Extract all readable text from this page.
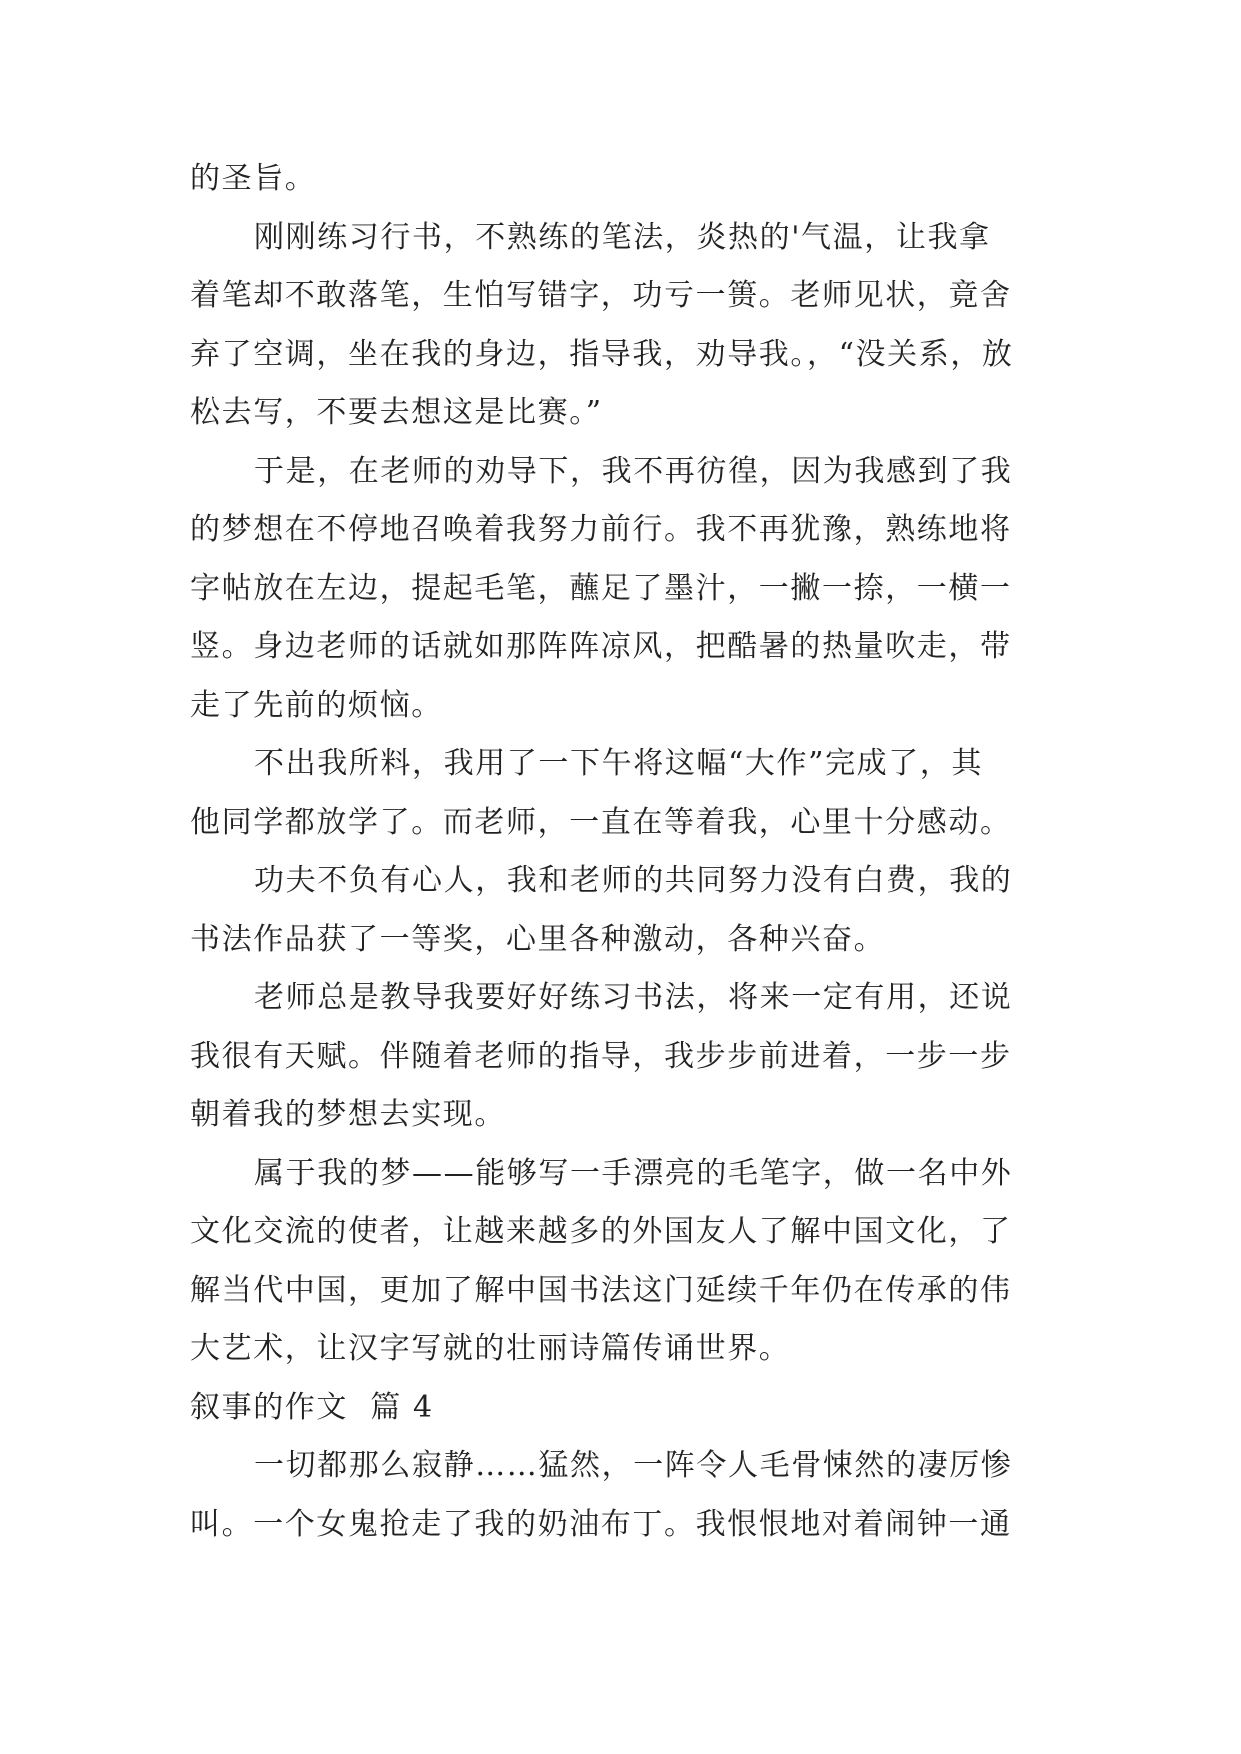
的圣旨。
刚刚练习行书，不熟练的笔法，炎热的'气温，让我拿
着笔却不敢落笔，生怕写错字，功亏一篑。老师见状，竟舍
弃了空调，坐在我的身边，指导我，劝导我。，“没关系，放
松去写，不要去想这是比赛。”
于是，在老师的劝导下，我不再彷徨，因为我感到了我
的梦想在不停地召唤着我努力前行。我不再犹豫，熟练地将
字帖放在左边，提起毛笔，蘸足了墨汁，一撇一捺，一横一
竖。身边老师的话就如那阵阵凉风，把酷暑的热量吹走，带
走了先前的烦恼。
不出我所料，我用了一下午将这幅“大作”完成了，其
他同学都放学了。而老师，一直在等着我，心里十分感动。
功夫不负有心人，我和老师的共同努力没有白费，我的
书法作品获了一等奖，心里各种激动，各种兴奋。
老师总是教导我要好好练习书法，将来一定有用，还说
我很有天赋。伴随着老师的指导，我步步前进着，一步一步
朝着我的梦想去实现。
属于我的梦——能够写一手漂亮的毛笔字，做一名中外
文化交流的使者，让越来越多的外国友人了解中国文化，了
解当代中国，更加了解中国书法这门延续千年仍在传承的伟
大艺术，让汉字写就的壮丽诗篇传诵世界。
叙事的作文  篇 4
一切都那么寂静……猛然，一阵令人毛骨悚然的凄厉惨
叫。一个女鬼抢走了我的奶油布丁。我恨恨地对着闹钟一通
